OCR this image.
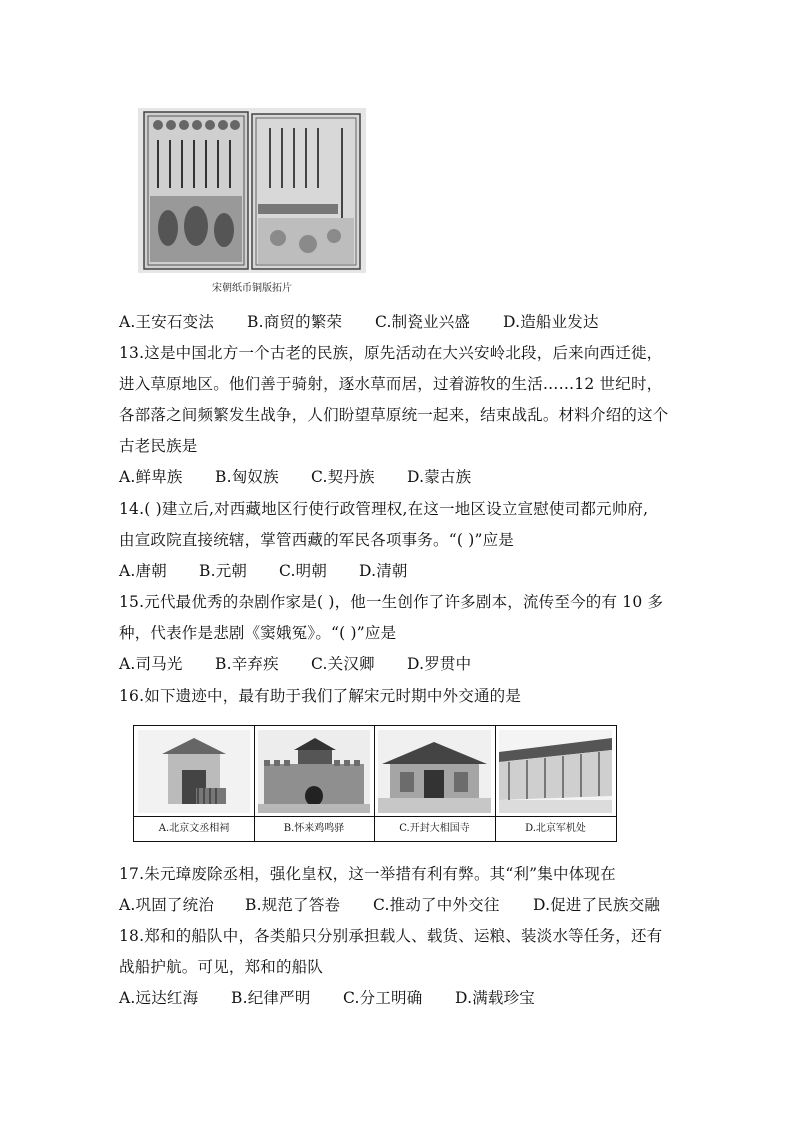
宋朝纸币铜版拓片
A.王安石变法 B.商贸的繁荣 C.制瓷业兴盛 D.造船业发达
13.这是中国北方一个古老的民族，原先活动在大兴安岭北段，后来向西迁徙，
进入草原地区。他们善于骑射，逐水草而居，过着游牧的生活……12 世纪时，
各部落之间频繁发生战争，人们盼望草原统一起来，结束战乱。材料介绍的这个
古老民族是
A.鲜卑族 B.匈奴族 C.契丹族 D.蒙古族
14.( )建立后,对西藏地区行使行政管理权,在这一地区设立宣慰使司都元帅府,
由宣政院直接统辖，掌管西藏的军民各项事务。“( )”应是
A.唐朝 B.元朝 C.明朝 D.清朝
15.元代最优秀的杂剧作家是( )，他一生创作了许多剧本，流传至今的有 10 多
种，代表作是悲剧《窦娥冤》。“( )”应是
A.司马光 B.辛弃疾 C.关汉卿 D.罗贯中
16.如下遗迹中，最有助于我们了解宋元时期中外交通的是
A.北京文丞相祠	B.怀来鸡鸣驿	C.开封大相国寺	D.北京军机处
17.朱元璋废除丞相，强化皇权，这一举措有利有弊。其“利”集中体现在
A.巩固了统治 B.规范了答卷 C.推动了中外交往 D.促进了民族交融
18.郑和的船队中，各类船只分别承担载人、载货、运粮、装淡水等任务，还有
战船护航。可见，郑和的船队
A.远达红海 B.纪律严明 C.分工明确 D.满载珍宝
